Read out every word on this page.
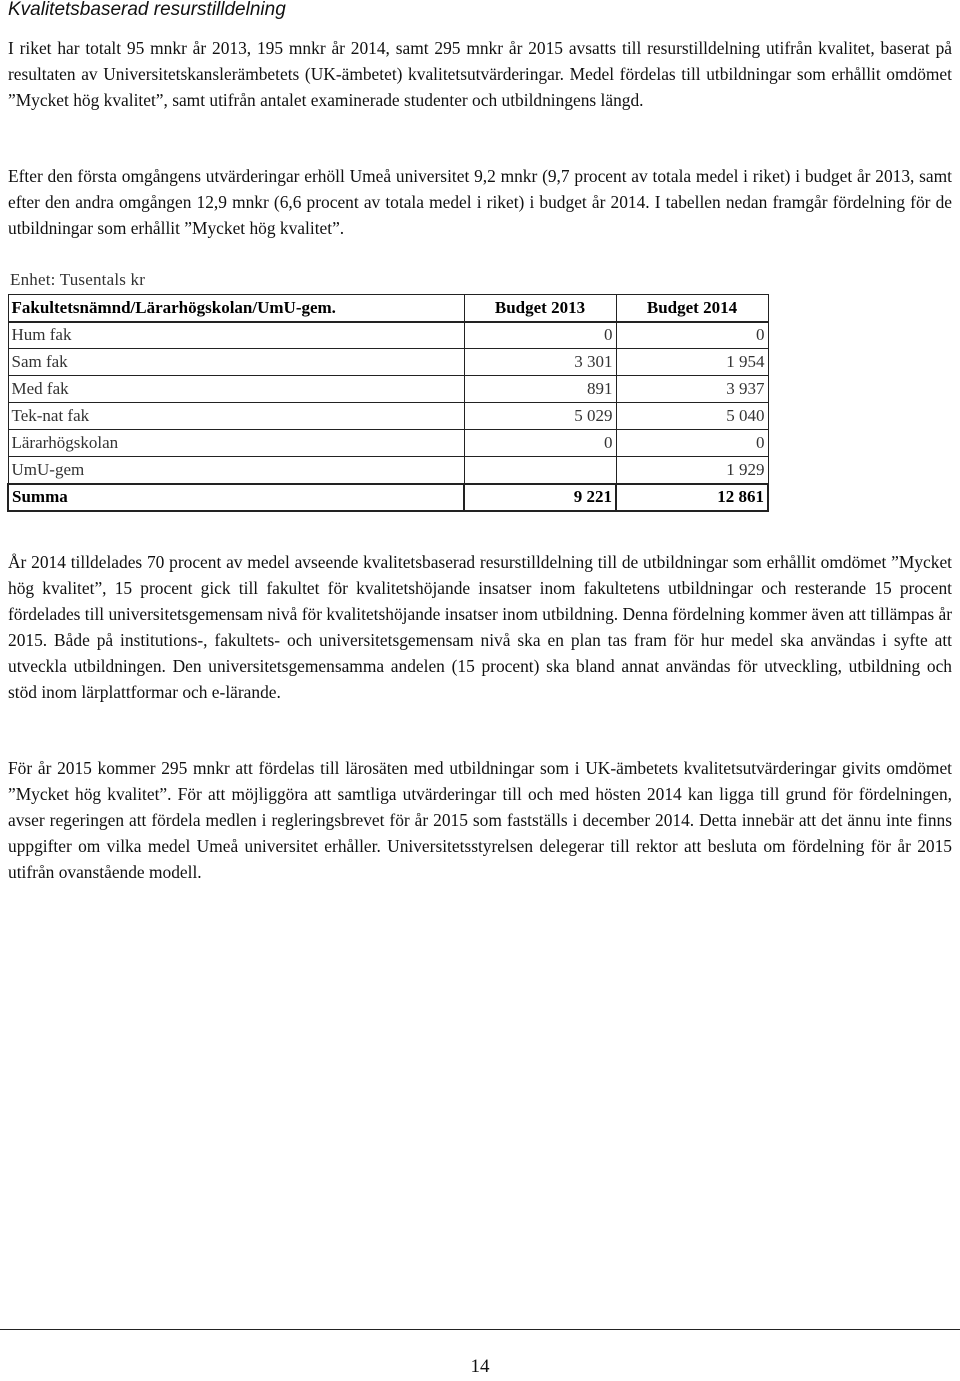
Kvalitetsbaserad resurstilldelning

I riket har totalt 95 mnkr år 2013, 195 mnkr år 2014, samt 295 mnkr år 2015 avsatts till resurstilldelning utifrån kvalitet, baserat på resultaten av Universitetskanslerämbetets (UK-ämbetet) kvalitetsutvärderingar. Medel fördelas till utbildningar som erhållit omdömet ”Mycket hög kvalitet”, samt utifrån antalet examinerade studenter och utbildningens längd.

Efter den första omgångens utvärderingar erhöll Umeå universitet 9,2 mnkr (9,7 procent av totala medel i riket) i budget år 2013, samt efter den andra omgången 12,9 mnkr (6,6 procent av totala medel i riket) i budget år 2014. I tabellen nedan framgår fördelning för de utbildningar som erhållit ”Mycket hög kvalitet”.

Enhet: Tusentals kr
Fakultetsnämnd/Lärarhögskolan/UmU-gem.	Budget 2013	Budget 2014
Hum fak	0	0
Sam fak	3 301	1 954
Med fak	891	3 937
Tek-nat fak	5 029	5 040
Lärarhögskolan	0	0
UmU-gem		1 929
Summa	9 221	12 861

År 2014 tilldelades 70 procent av medel avseende kvalitetsbaserad resurstilldelning till de utbildningar som erhållit omdömet ”Mycket hög kvalitet”, 15 procent gick till fakultet för kvalitetshöjande insatser inom fakultetens utbildningar och resterande 15 procent fördelades till universitetsgemensam nivå för kvalitetshöjande insatser inom utbildning. Denna fördelning kommer även att tillämpas år 2015. Både på institutions-, fakultets- och universitetsgemensam nivå ska en plan tas fram för hur medel ska användas i syfte att utveckla utbildningen. Den universitetsgemensamma andelen (15 procent) ska bland annat användas för utveckling, utbildning och stöd inom lärplattformar och e-lärande.

För år 2015 kommer 295 mnkr att fördelas till lärosäten med utbildningar som i UK-ämbetets kvalitetsutvärderingar givits omdömet ”Mycket hög kvalitet”. För att möjliggöra att samtliga utvärderingar till och med hösten 2014 kan ligga till grund för fördelningen, avser regeringen att fördela medlen i regleringsbrevet för år 2015 som fastställs i december 2014. Detta innebär att det ännu inte finns uppgifter om vilka medel Umeå universitet erhåller. Universitetsstyrelsen delegerar till rektor att besluta om fördelning för år 2015 utifrån ovanstående modell.

14
